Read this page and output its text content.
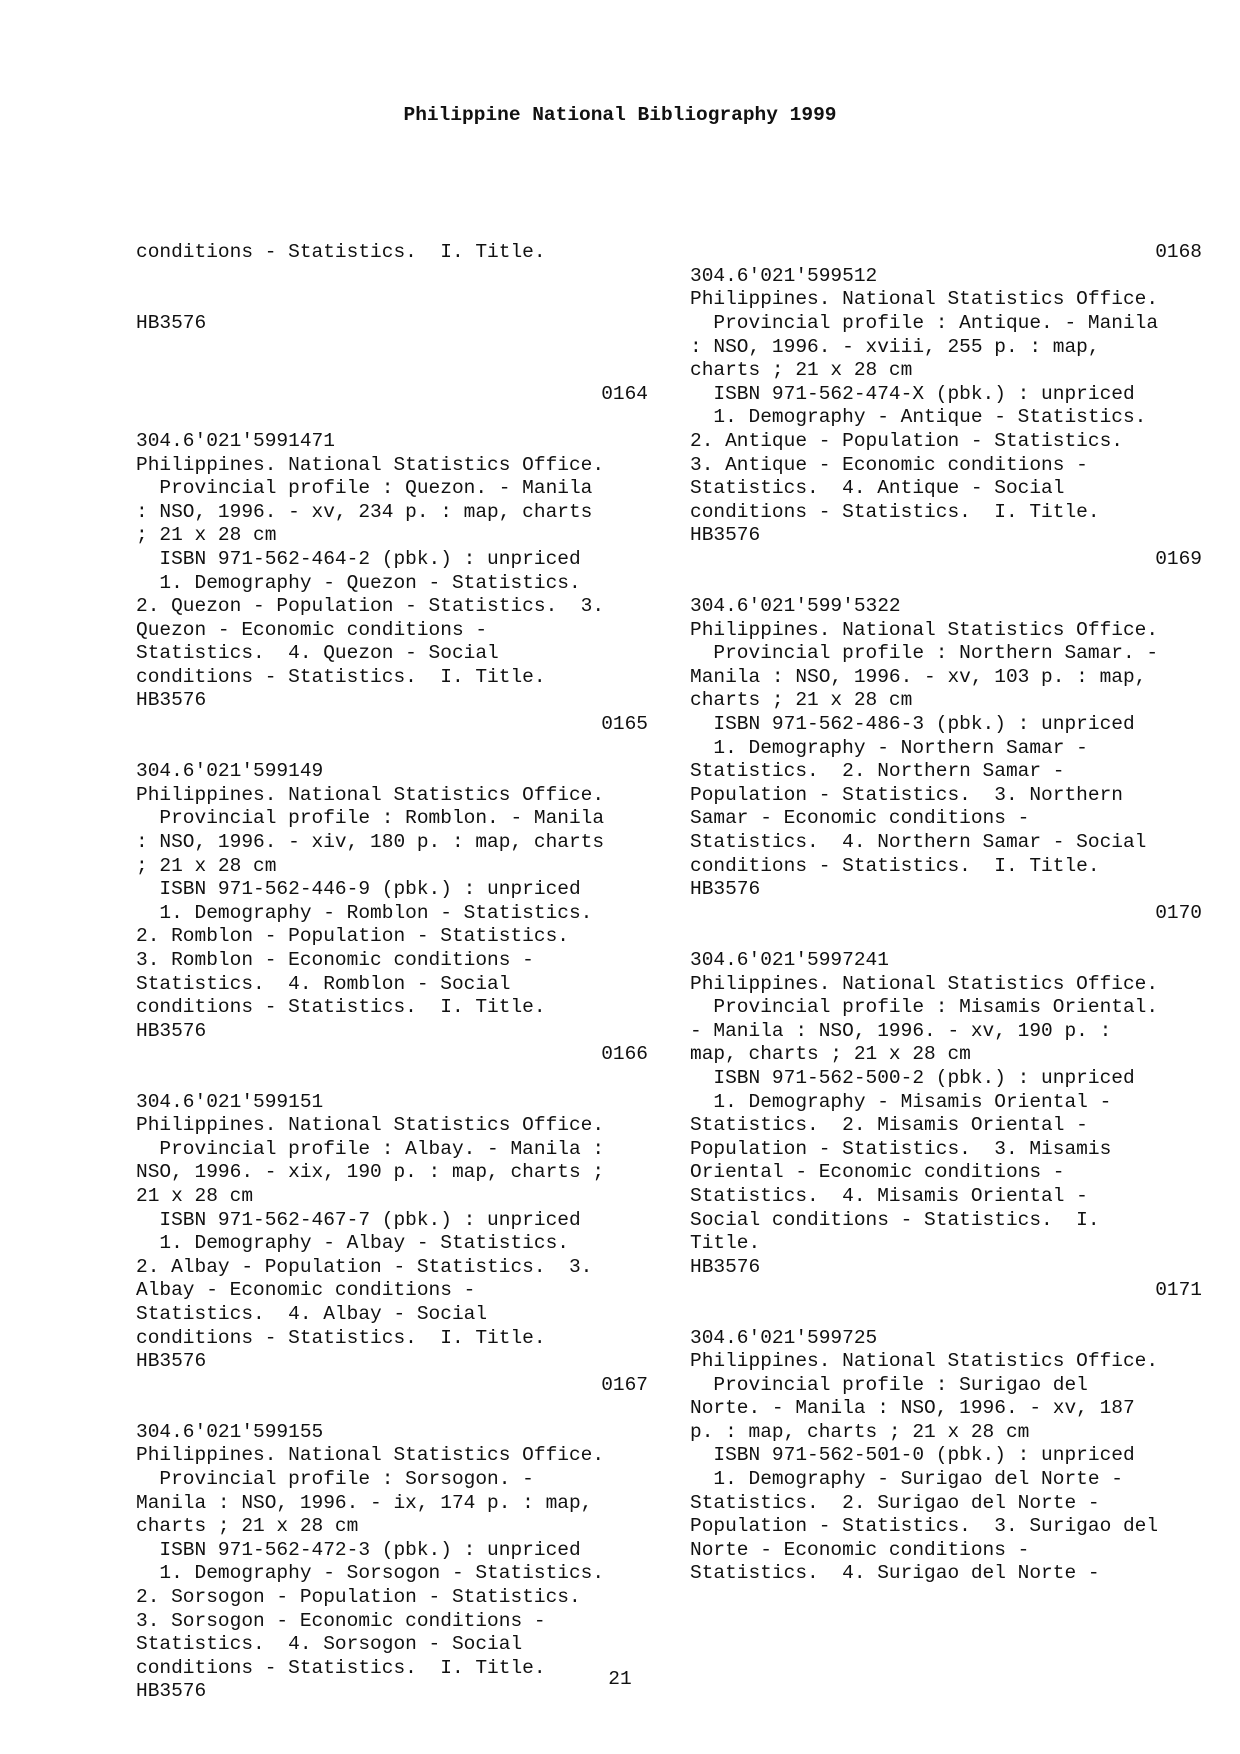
Philippine National Bibliography 1999

conditions - Statistics.  I. Title.

HB3576

0164
304.6'021'5991471
Philippines. National Statistics Office.
Provincial profile : Quezon. - Manila
: NSO, 1996. - xv, 234 p. : map, charts
; 21 x 28 cm
ISBN 971-562-464-2 (pbk.) : unpriced
1. Demography - Quezon - Statistics.
2. Quezon - Population - Statistics.  3.
Quezon - Economic conditions -
Statistics.  4. Quezon - Social
conditions - Statistics.  I. Title.
HB3576
0165
304.6'021'599149
Philippines. National Statistics Office.
Provincial profile : Romblon. - Manila
: NSO, 1996. - xiv, 180 p. : map, charts
; 21 x 28 cm
ISBN 971-562-446-9 (pbk.) : unpriced
1. Demography - Romblon - Statistics.
2. Romblon - Population - Statistics.
3. Romblon - Economic conditions -
Statistics.  4. Romblon - Social
conditions - Statistics.  I. Title.
HB3576
0166
304.6'021'599151
Philippines. National Statistics Office.
Provincial profile : Albay. - Manila :
NSO, 1996. - xix, 190 p. : map, charts ;
21 x 28 cm
ISBN 971-562-467-7 (pbk.) : unpriced
1. Demography - Albay - Statistics.
2. Albay - Population - Statistics.  3.
Albay - Economic conditions -
Statistics.  4. Albay - Social
conditions - Statistics.  I. Title.
HB3576
0167
304.6'021'599155
Philippines. National Statistics Office.
Provincial profile : Sorsogon. -
Manila : NSO, 1996. - ix, 174 p. : map,
charts ; 21 x 28 cm
ISBN 971-562-472-3 (pbk.) : unpriced
1. Demography - Sorsogon - Statistics.
2. Sorsogon - Population - Statistics.
3. Sorsogon - Economic conditions -
Statistics.  4. Sorsogon - Social
conditions - Statistics.  I. Title.
HB3576

0168
304.6'021'599512
Philippines. National Statistics Office.
Provincial profile : Antique. - Manila
: NSO, 1996. - xviii, 255 p. : map,
charts ; 21 x 28 cm
ISBN 971-562-474-X (pbk.) : unpriced
1. Demography - Antique - Statistics.
2. Antique - Population - Statistics.
3. Antique - Economic conditions -
Statistics.  4. Antique - Social
conditions - Statistics.  I. Title.
HB3576
0169
304.6'021'599'5322
Philippines. National Statistics Office.
Provincial profile : Northern Samar. -
Manila : NSO, 1996. - xv, 103 p. : map,
charts ; 21 x 28 cm
ISBN 971-562-486-3 (pbk.) : unpriced
1. Demography - Northern Samar -
Statistics.  2. Northern Samar -
Population - Statistics.  3. Northern
Samar - Economic conditions -
Statistics.  4. Northern Samar - Social
conditions - Statistics.  I. Title.
HB3576
0170
304.6'021'5997241
Philippines. National Statistics Office.
Provincial profile : Misamis Oriental.
- Manila : NSO, 1996. - xv, 190 p. :
map, charts ; 21 x 28 cm
ISBN 971-562-500-2 (pbk.) : unpriced
1. Demography - Misamis Oriental -
Statistics.  2. Misamis Oriental -
Population - Statistics.  3. Misamis
Oriental - Economic conditions -
Statistics.  4. Misamis Oriental -
Social conditions - Statistics.  I.
Title.
HB3576
0171
304.6'021'599725
Philippines. National Statistics Office.
Provincial profile : Surigao del
Norte. - Manila : NSO, 1996. - xv, 187
p. : map, charts ; 21 x 28 cm
ISBN 971-562-501-0 (pbk.) : unpriced
1. Demography - Surigao del Norte -
Statistics.  2. Surigao del Norte -
Population - Statistics.  3. Surigao del
Norte - Economic conditions -
Statistics.  4. Surigao del Norte -

21
